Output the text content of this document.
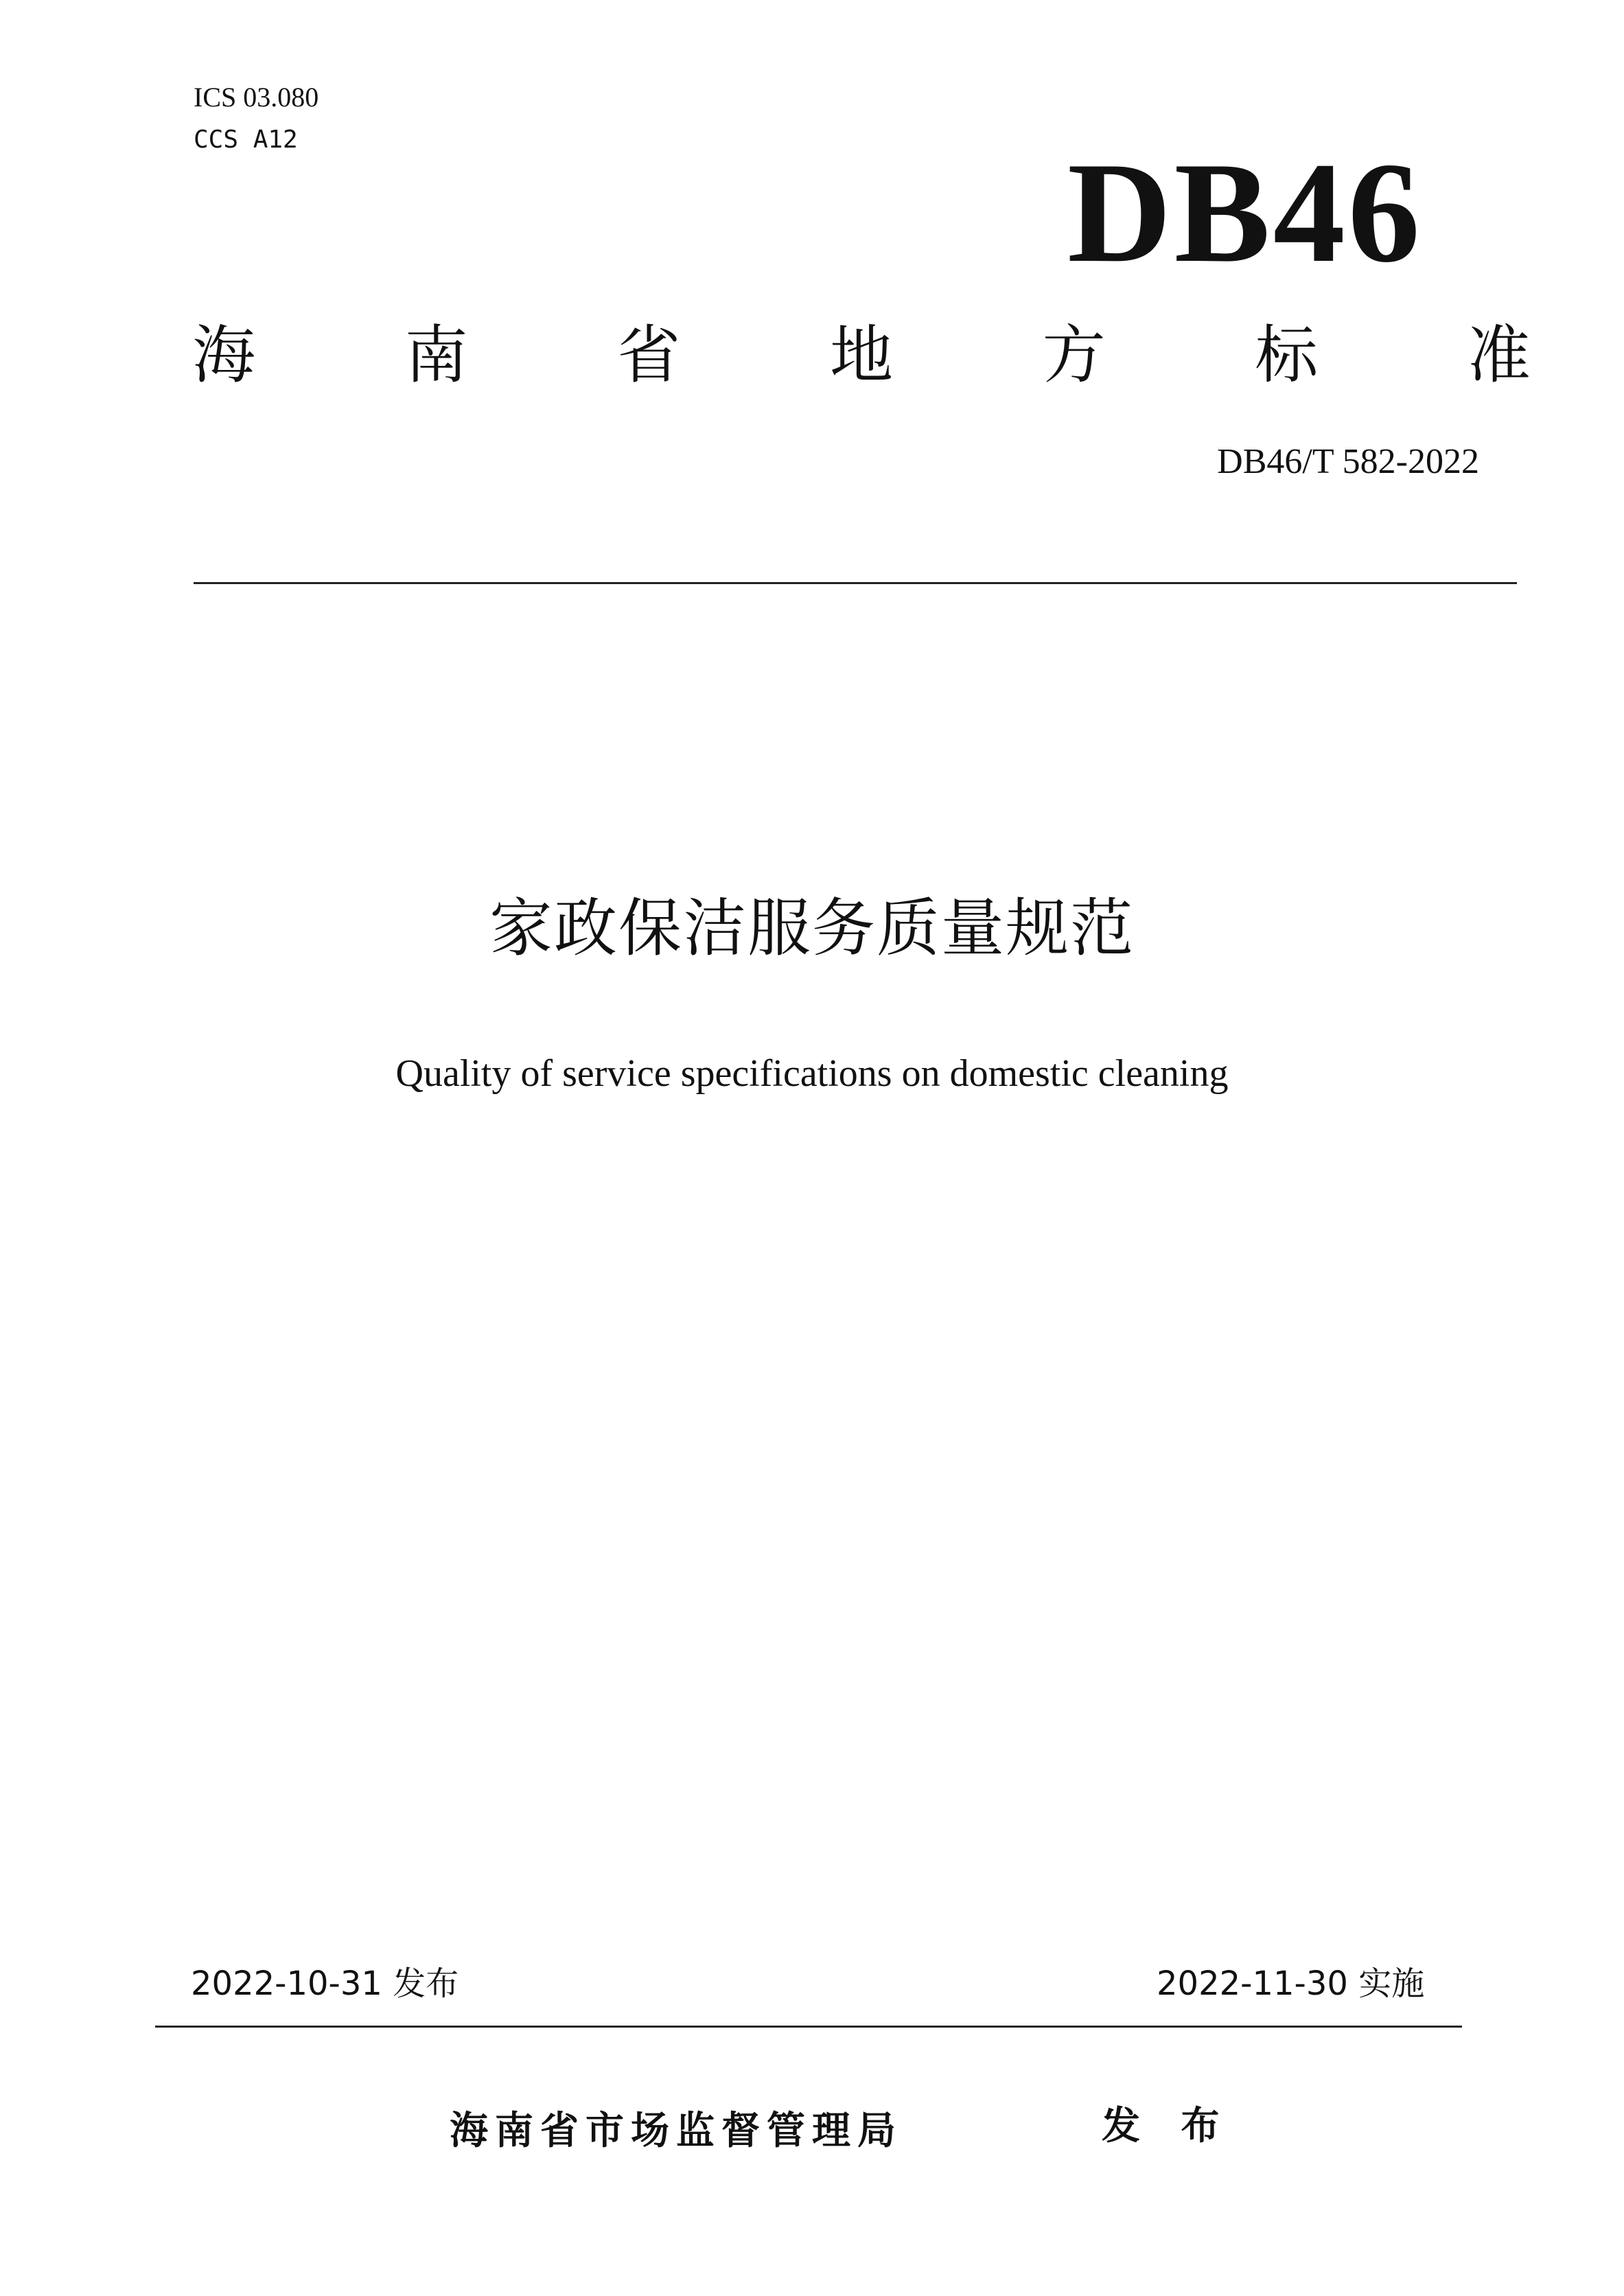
ICS 03.080
CCS A12	DB46
海 南 省 地 方 标 准
DB46/T 582-2022
家政保洁服务质量规范
Quality of service specifications on domestic cleaning
2022-10-31 发布	2022-11-30 实施
海南省市场监督管理局	发 布
